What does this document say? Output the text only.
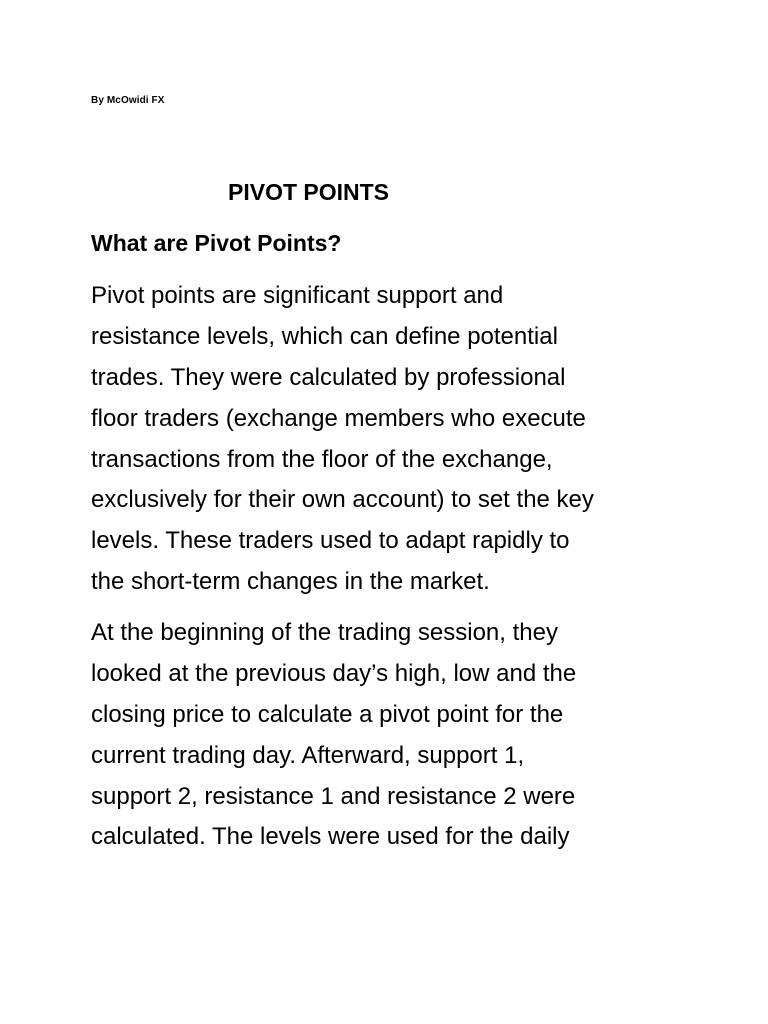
By McOwidi FX
PIVOT POINTS
What are Pivot Points?
Pivot points are significant support and
resistance levels, which can define potential
trades. They were calculated by professional
floor traders (exchange members who execute
transactions from the floor of the exchange,
exclusively for their own account) to set the key
levels. These traders used to adapt rapidly to
the short-term changes in the market.
At the beginning of the trading session, they
looked at the previous day’s high, low and the
closing price to calculate a pivot point for the
current trading day. Afterward, support 1,
support 2, resistance 1 and resistance 2 were
calculated. The levels were used for the daily
